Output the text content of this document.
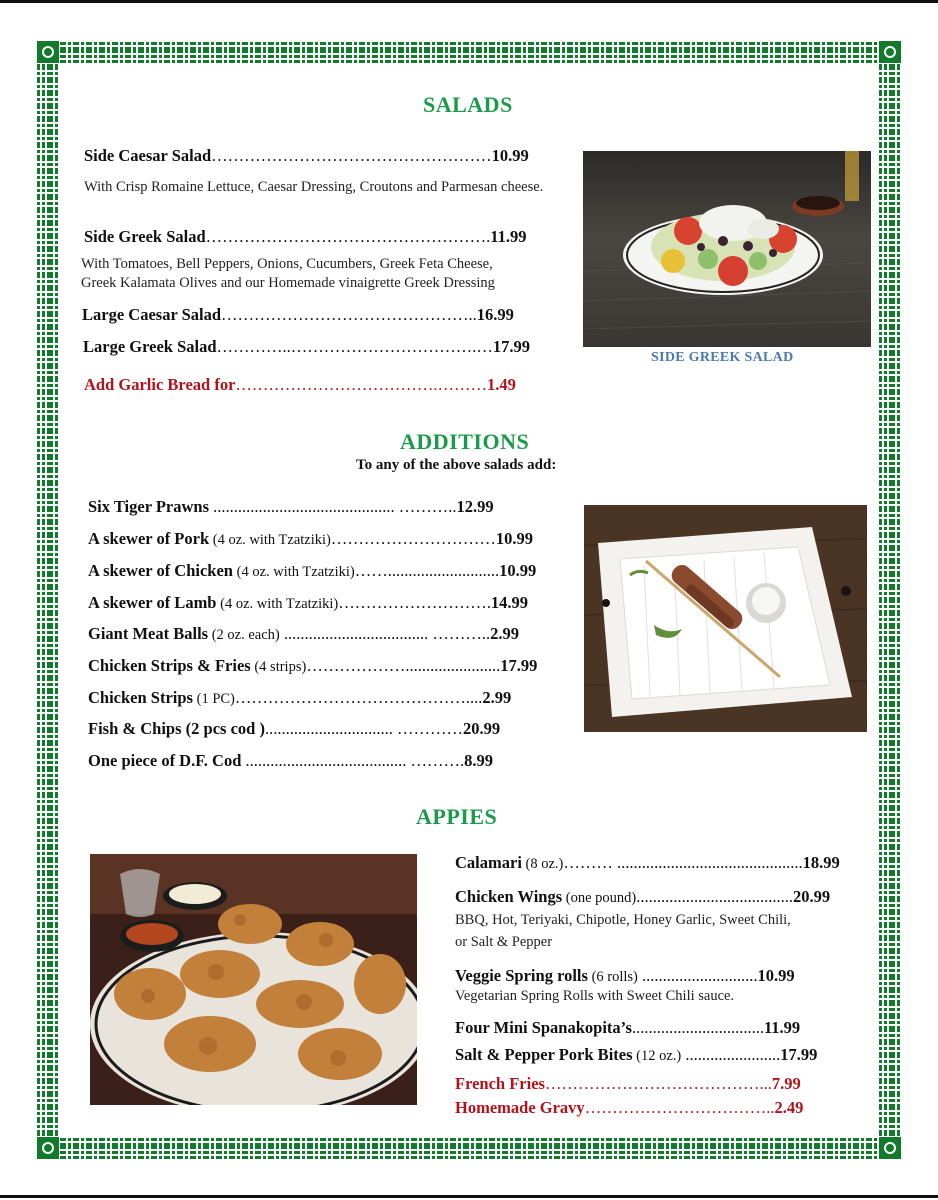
SALADS
Side Caesar Salad……………………………………………10.99
With Crisp Romaine Lettuce, Caesar Dressing, Croutons and Parmesan cheese.
Side Greek Salad…………………………………………….11.99
With Tomatoes, Bell Peppers, Onions, Cucumbers, Greek Feta Cheese,
Greek Kalamata Olives and our Homemade vinaigrette Greek Dressing
Large Caesar Salad………………………………………..16.99
Large Greek Salad…………..…………………………….…17.99
Add Garlic Bread for……………………………….………1.49
SIDE GREEK SALAD
ADDITIONS
To any of the above salads add:
Six Tiger Prawns ............................................ ………..12.99
A skewer of Pork (4 oz. with Tzatziki)…………………………10.99
A skewer of Chicken (4 oz. with Tzatziki)……...........................10.99
A skewer of Lamb (4 oz. with Tzatziki)……………………….14.99
Giant Meat Balls (2 oz. each) ................................... ………..2.99
Chicken Strips & Fries (4 strips)……………….......................17.99
Chicken Strips (1 PC)……………………………………....2.99
Fish & Chips (2 pcs cod )............................... …………20.99
One piece of D.F. Cod ....................................... ……….8.99
APPIES
Calamari (8 oz.)……… .............................................18.99
Chicken Wings (one pound)......................................20.99
BBQ, Hot, Teriyaki, Chipotle, Honey Garlic, Sweet Chili,
or Salt & Pepper
Veggie Spring rolls (6 rolls) ............................10.99
Vegetarian Spring Rolls with Sweet Chili sauce.
Four Mini Spanakopita’s................................11.99
Salt & Pepper Pork Bites (12 oz.) .......................17.99
French Fries…………………………………...7.99
Homemade Gravy……………………………..2.49
